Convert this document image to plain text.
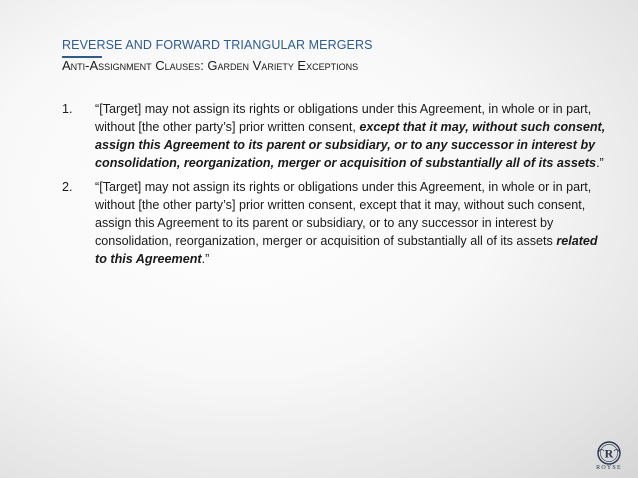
REVERSE AND FORWARD TRIANGULAR MERGERS
Anti-Assignment Clauses: Garden Variety Exceptions
1. “[Target] may not assign its rights or obligations under this Agreement, in whole or in part, without [the other party’s] prior written consent, except that it may, without such consent, assign this Agreement to its parent or subsidiary, or to any successor in interest by consolidation, reorganization, merger or acquisition of substantially all of its assets.”
2. “[Target] may not assign its rights or obligations under this Agreement, in whole or in part, without [the other party’s] prior written consent, except that it may, without such consent, assign this Agreement to its parent or subsidiary, or to any successor in interest by consolidation, reorganization, merger or acquisition of substantially all of its assets related to this Agreement.”
R
ROYSE
